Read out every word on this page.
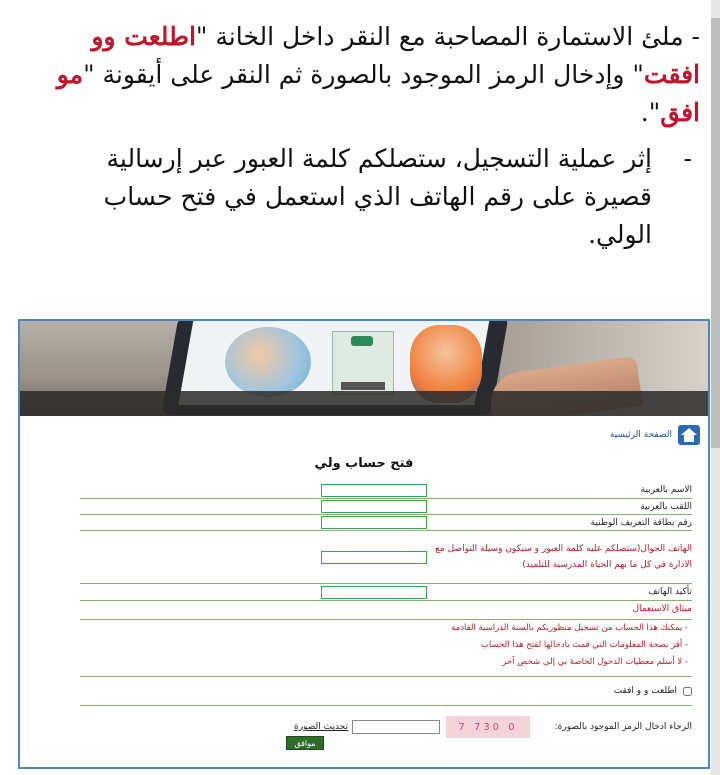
- ملئ الاستمارة المصاحبة مع النقر داخل الخانة "اطلعت وو افقت" وإدخال الرمز الموجود بالصورة ثم النقر على أيقونة "مو افق".

-
إثر عملية التسجيل، ستصلكم كلمة العبور عبر إرسالية قصيرة على رقم الهاتف الذي استعمل في فتح حساب الولي.

الصفحة الرئيسية
فتح حساب ولي
الاسم بالعربية
اللقب بالعربية
رقم بطاقة التعريف الوطنية
الهاتف الجوال(ستصلكم عليه كلمة العبور و سيكون وسيلة التواصل مع الادارة في كل ما يهم الحياة المدرسية للتلميذ)
تأكيد الهاتف
ميثاق الاستعمال
- يمكنك هذا الحساب من تسجيل منظوريكم بالسنة الدراسية القادمة
- أقر بصحة المعلومات التي قمت بادخالها لفتح هذا الحساب
- لا أسلم معطيات الدخول الخاصة بي إلى شخص آخر
اطلعت و و افقت
الرجاء ادخال الرمز الموجود بالصورة:
0 730 7
تحديث الصورة
موافق
